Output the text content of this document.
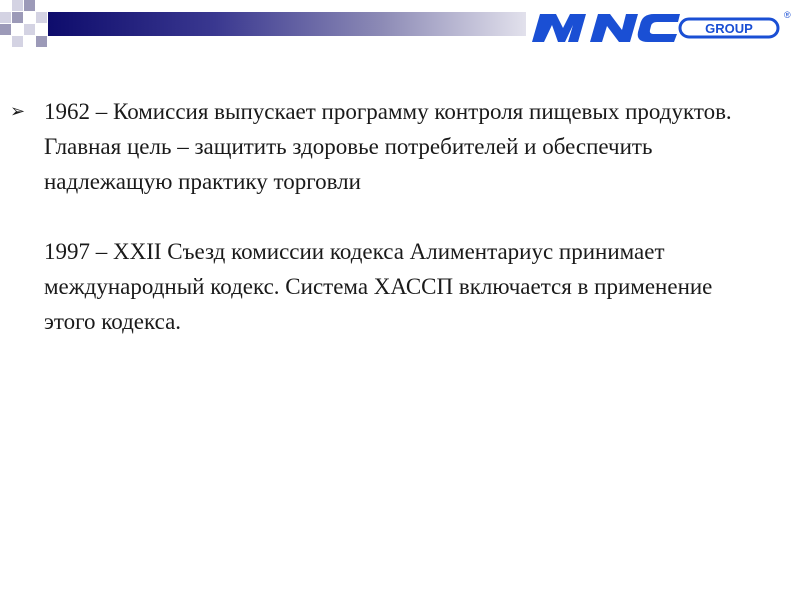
GROUP
®
➢ 1962 – Комиссия выпускает программу контроля пищевых продуктов. Главная цель – защитить здоровье потребителей и обеспечить надлежащую практику торговли
1997 – XXII Съезд комиссии кодекса Алиментариус принимает международный кодекс. Система ХАССП включается в применение этого кодекса.
